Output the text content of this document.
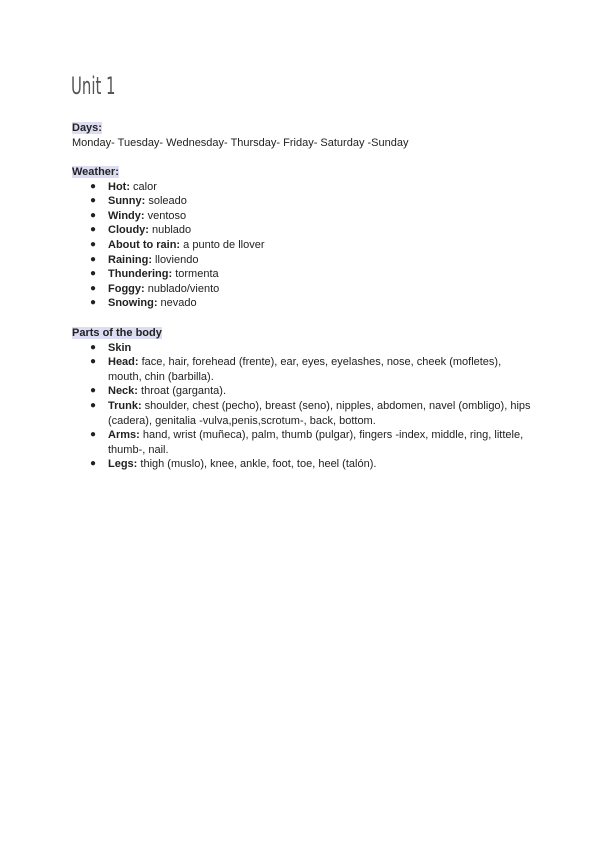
Unit 1
Days:
Monday- Tuesday- Wednesday- Thursday- Friday- Saturday -Sunday
Weather:
● Hot: calor
● Sunny: soleado
● Windy: ventoso
● Cloudy: nublado
● About to rain: a punto de llover
● Raining: lloviendo
● Thundering: tormenta
● Foggy: nublado/viento
● Snowing: nevado
Parts of the body
● Skin
● Head: face, hair, forehead (frente), ear, eyes, eyelashes, nose, cheek (mofletes), mouth, chin (barbilla).
● Neck: throat (garganta).
● Trunk: shoulder, chest (pecho), breast (seno), nipples, abdomen, navel (ombligo), hips (cadera), genitalia -vulva,penis,scrotum-, back, bottom.
● Arms: hand, wrist (muñeca), palm, thumb (pulgar), fingers -index, middle, ring, littele, thumb-, nail.
● Legs: thigh (muslo), knee, ankle, foot, toe, heel (talón).
